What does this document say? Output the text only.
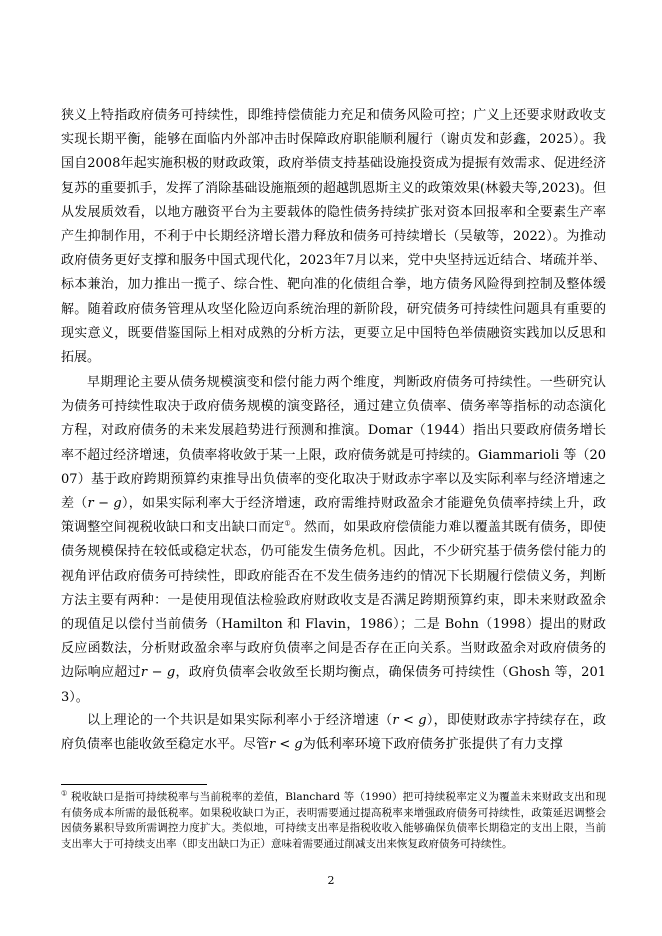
狭义上特指政府债务可持续性，即维持偿债能力充足和债务风险可控；广义上还要求财政收支实现长期平衡，能够在面临内外部冲击时保障政府职能顺利履行（谢贞发和彭鑫，2025）。我国自2008年起实施积极的财政政策，政府举债支持基础设施投资成为提振有效需求、促进经济复苏的重要抓手，发挥了消除基础设施瓶颈的超越凯恩斯主义的政策效果(林毅夫等,2023)。但从发展质效看，以地方融资平台为主要载体的隐性债务持续扩张对资本回报率和全要素生产率产生抑制作用，不利于中长期经济增长潜力释放和债务可持续增长（吴敏等，2022）。为推动政府债务更好支撑和服务中国式现代化，2023年7月以来，党中央坚持远近结合、堵疏并举、标本兼治，加力推出一揽子、综合性、靶向准的化债组合拳，地方债务风险得到控制及整体缓解。随着政府债务管理从攻坚化险迈向系统治理的新阶段，研究债务可持续性问题具有重要的现实意义，既要借鉴国际上相对成熟的分析方法，更要立足中国特色举债融资实践加以反思和拓展。

早期理论主要从债务规模演变和偿付能力两个维度，判断政府债务可持续性。一些研究认为债务可持续性取决于政府债务规模的演变路径，通过建立负债率、债务率等指标的动态演化方程，对政府债务的未来发展趋势进行预测和推演。Domar（1944）指出只要政府债务增长率不超过经济增速，负债率将收敛于某一上限，政府债务就是可持续的。Giammarioli 等（2007）基于政府跨期预算约束推导出负债率的变化取决于财政赤字率以及实际利率与经济增速之差（r − g），如果实际利率大于经济增速，政府需维持财政盈余才能避免负债率持续上升，政策调整空间视税收缺口和支出缺口而定①。然而，如果政府偿债能力难以覆盖其既有债务，即使债务规模保持在较低或稳定状态，仍可能发生债务危机。因此，不少研究基于债务偿付能力的视角评估政府债务可持续性，即政府能否在不发生债务违约的情况下长期履行偿债义务，判断方法主要有两种：一是使用现值法检验政府财政收支是否满足跨期预算约束，即未来财政盈余的现值足以偿付当前债务（Hamilton 和 Flavin，1986）；二是 Bohn（1998）提出的财政反应函数法，分析财政盈余率与政府负债率之间是否存在正向关系。当财政盈余对政府债务的边际响应超过r − g，政府负债率会收敛至长期均衡点，确保债务可持续性（Ghosh 等，2013）。

以上理论的一个共识是如果实际利率小于经济增速（r < g），即使财政赤字持续存在，政府负债率也能收敛至稳定水平。尽管r < g为低利率环境下政府债务扩张提供了有力支撑

① 税收缺口是指可持续税率与当前税率的差值，Blanchard 等（1990）把可持续税率定义为覆盖未来财政支出和现有债务成本所需的最低税率。如果税收缺口为正，表明需要通过提高税率来增强政府债务可持续性，政策延迟调整会因债务累积导致所需调控力度扩大。类似地，可持续支出率是指税收收入能够确保负债率长期稳定的支出上限，当前支出率大于可持续支出率（即支出缺口为正）意味着需要通过削减支出来恢复政府债务可持续性。

2
